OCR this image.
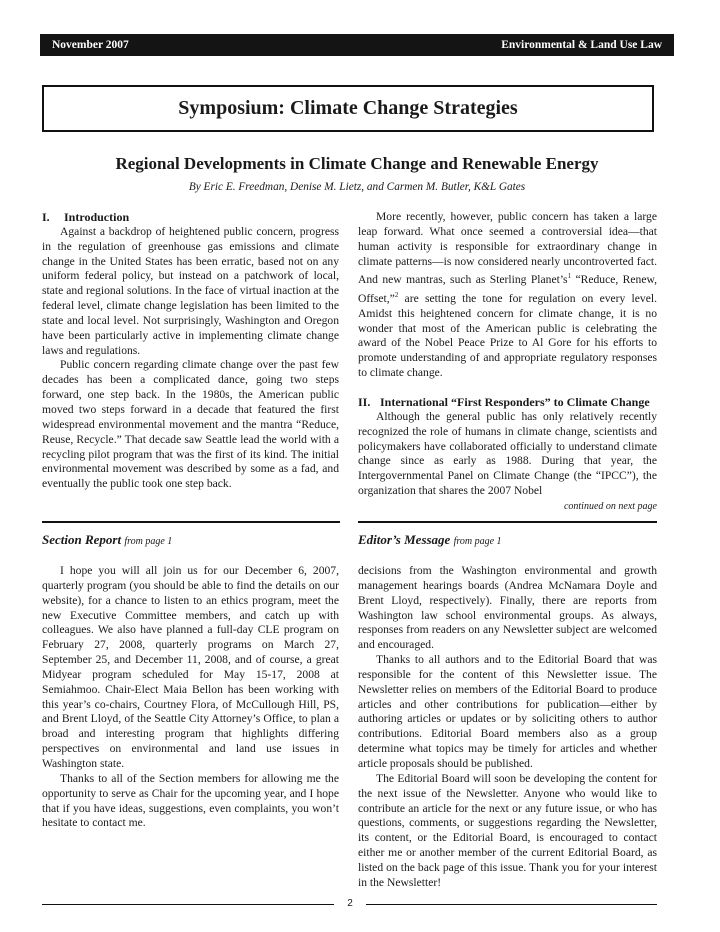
November 2007	Environmental & Land Use Law
Symposium: Climate Change Strategies
Regional Developments in Climate Change and Renewable Energy
By Eric E. Freedman, Denise M. Lietz, and Carmen M. Butler, K&L Gates
I.	Introduction

Against a backdrop of heightened public concern, progress in the regulation of greenhouse gas emissions and climate change in the United States has been erratic, based not on any uniform federal policy, but instead on a patchwork of local, state and regional solutions. In the face of virtual inaction at the federal level, climate change legislation has been limited to the state and local level. Not surprisingly, Washington and Oregon have been particularly active in implementing climate change laws and regulations.

Public concern regarding climate change over the past few decades has been a complicated dance, going two steps forward, one step back. In the 1980s, the American public moved two steps forward in a decade that featured the first widespread environmental movement and the mantra “Reduce, Reuse, Recycle.” That decade saw Seattle lead the world with a recycling pilot program that was the first of its kind. The initial environmental movement was described by some as a fad, and eventually the public took one step back.

More recently, however, public concern has taken a large leap forward. What once seemed a controversial idea—that human activity is responsible for extraordinary change in climate patterns—is now considered nearly uncontroverted fact. And new mantras, such as Sterling $Planet’s^1$ “Reduce, Renew, Offset,”$^2$ are setting the tone for regulation on every level. Amidst this heightened concern for climate change, it is no wonder that most of the American public is celebrating the award of the Nobel Peace Prize to Al Gore for his efforts to promote understanding of and appropriate regulatory responses to climate change.

II. International “First Responders” to Climate Change

Although the general public has only relatively recently recognized the role of humans in climate change, scientists and policymakers have collaborated officially to understand climate change since as early as 1988. During that year, the Intergovernmental Panel on Climate Change (the “IPCC”), the organization that shares the 2007 Nobel

continued on next page
Section Report from page 1

I hope you will all join us for our December 6, 2007, quarterly program (you should be able to find the details on our website), for a chance to listen to an ethics program, meet the new Executive Committee members, and catch up with colleagues. We also have planned a full-day CLE program on February 27, 2008, quarterly programs on March 27, September 25, and December 11, 2008, and of course, a great Midyear program scheduled for May 15-17, 2008 at Semiahmoo. Chair-Elect Maia Bellon has been working with this year’s co-chairs, Courtney Flora, of McCullough Hill, PS, and Brent Lloyd, of the Seattle City Attorney’s Office, to plan a broad and interesting program that highlights differing perspectives on environmental and land use issues in Washington state.

Thanks to all of the Section members for allowing me the opportunity to serve as Chair for the upcoming year, and I hope that if you have ideas, suggestions, even complaints, you won’t hesitate to contact me.

Editor’s Message from page 1

decisions from the Washington environmental and growth management hearings boards (Andrea McNamara Doyle and Brent Lloyd, respectively). Finally, there are reports from Washington law school environmental groups. As always, responses from readers on any Newsletter subject are welcomed and encouraged.

Thanks to all authors and to the Editorial Board that was responsible for the content of this Newsletter issue. The Newsletter relies on members of the Editorial Board to produce articles and other contributions for publication—either by authoring articles or updates or by soliciting others to author contributions. Editorial Board members also as a group determine what topics may be timely for articles and whether article proposals should be published.

The Editorial Board will soon be developing the content for the next issue of the Newsletter. Anyone who would like to contribute an article for the next or any future issue, or who has questions, comments, or suggestions regarding the Newsletter, its content, or the Editorial Board, is encouraged to contact either me or another member of the current Editorial Board, as listed on the back page of this issue. Thank you for your interest in the Newsletter!

2
